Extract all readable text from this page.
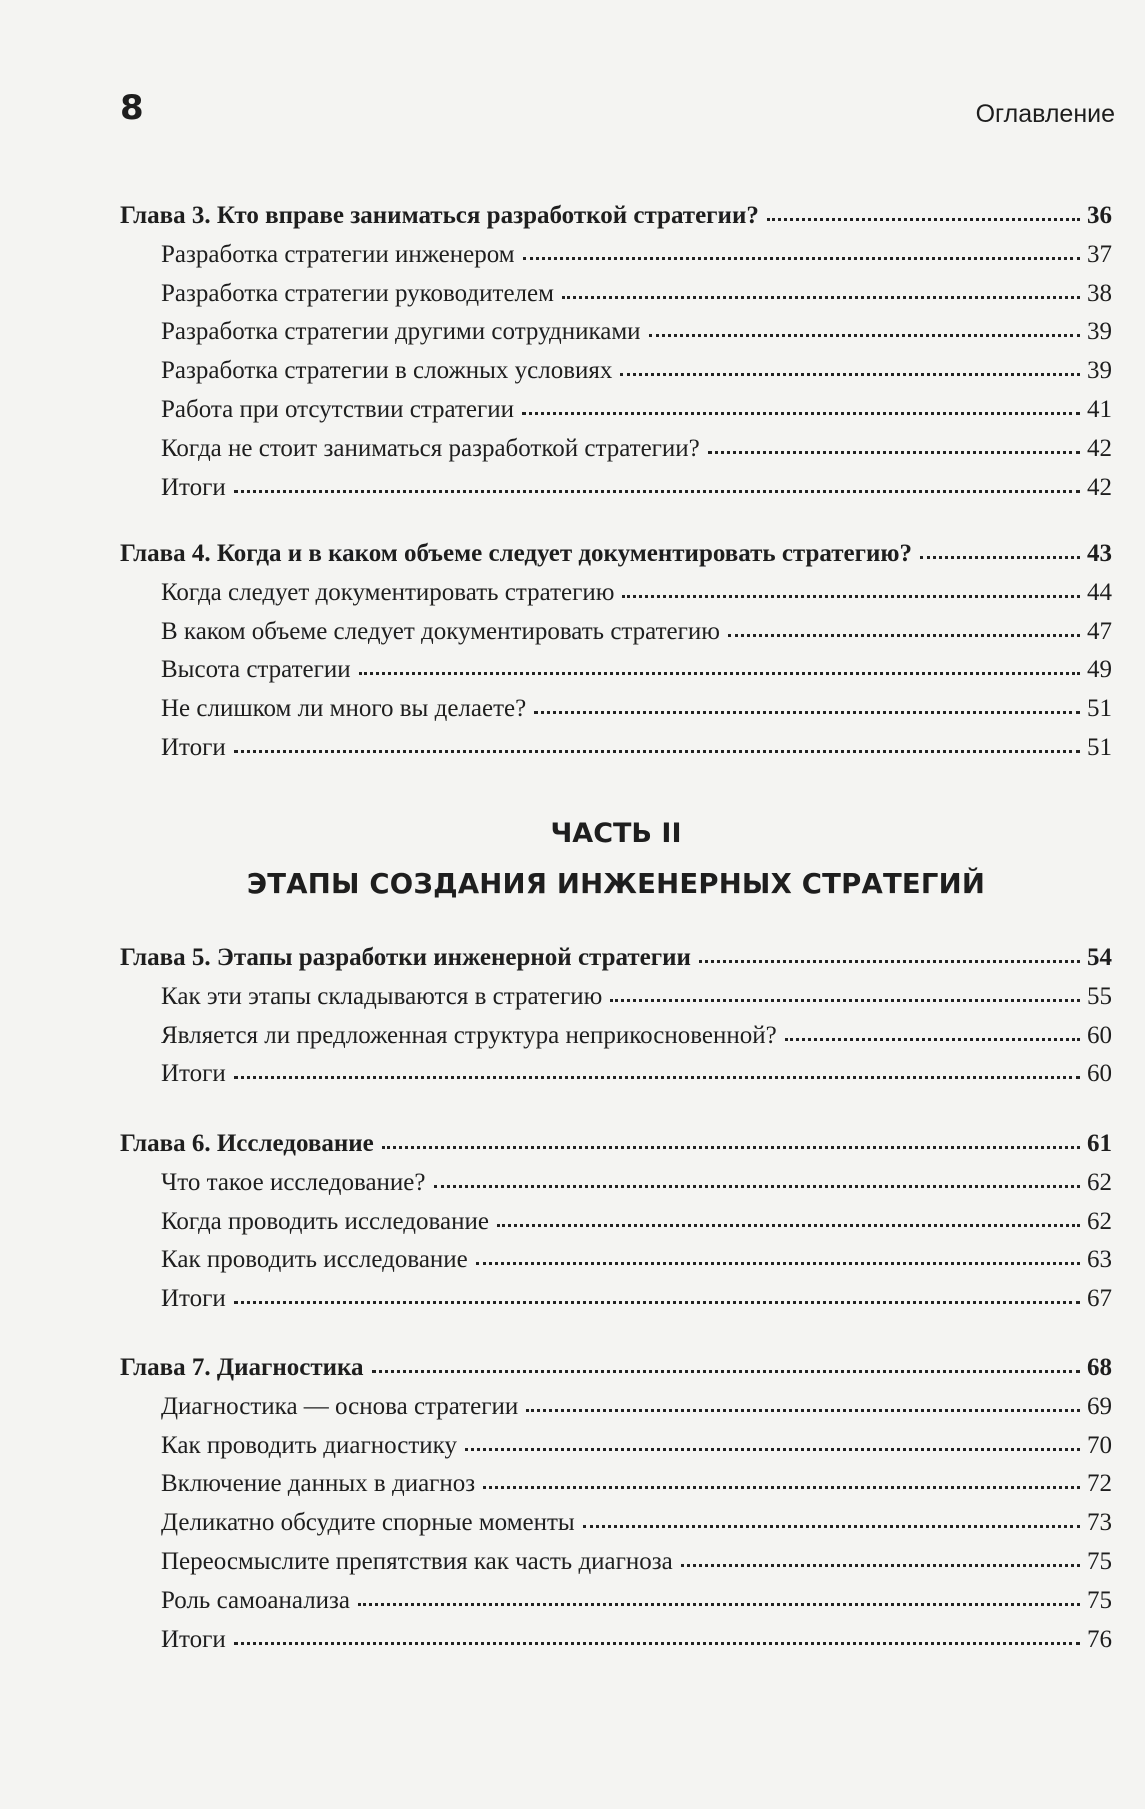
8	Оглавление
Глава 3. Кто вправе заниматься разработкой стратегии?	36
Разработка стратегии инженером	37
Разработка стратегии руководителем	38
Разработка стратегии другими сотрудниками	39
Разработка стратегии в сложных условиях	39
Работа при отсутствии стратегии	41
Когда не стоит заниматься разработкой стратегии?	42
Итоги	42
Глава 4. Когда и в каком объеме следует документировать стратегию?	43
Когда следует документировать стратегию	44
В каком объеме следует документировать стратегию	47
Высота стратегии	49
Не слишком ли много вы делаете?	51
Итоги	51
ЧАСТЬ II
ЭТАПЫ СОЗДАНИЯ ИНЖЕНЕРНЫХ СТРАТЕГИЙ
Глава 5. Этапы разработки инженерной стратегии	54
Как эти этапы складываются в стратегию	55
Является ли предложенная структура неприкосновенной?	60
Итоги	60
Глава 6. Исследование	61
Что такое исследование?	62
Когда проводить исследование	62
Как проводить исследование	63
Итоги	67
Глава 7. Диагностика	68
Диагностика — основа стратегии	69
Как проводить диагностику	70
Включение данных в диагноз	72
Деликатно обсудите спорные моменты	73
Переосмыслите препятствия как часть диагноза	75
Роль самоанализа	75
Итоги	76
